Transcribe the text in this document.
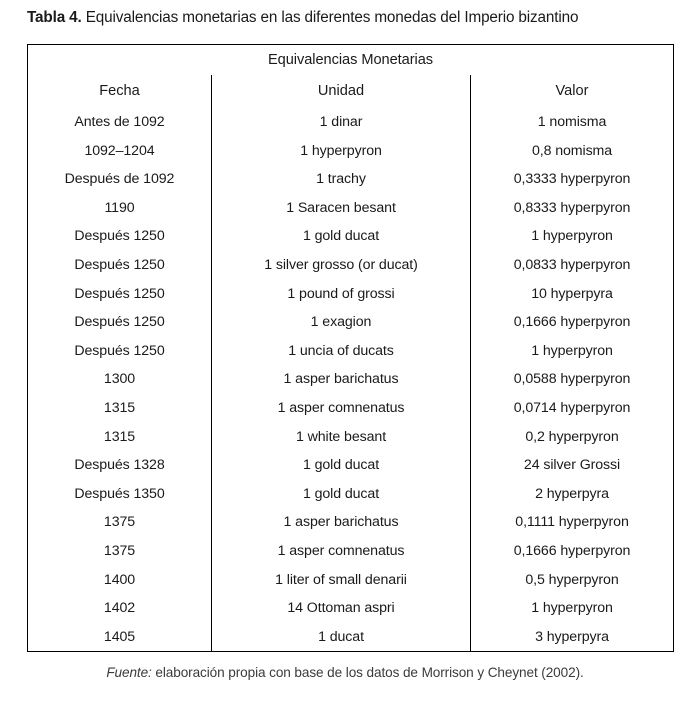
Tabla 4. Equivalencias monetarias en las diferentes monedas del Imperio bizantino
Equivalencias Monetarias		
Fecha	Unidad	Valor
Antes de 1092	1 dinar	1 nomisma
1092–1204	1 hyperpyron	0,8 nomisma
Después de 1092	1 trachy	0,3333 hyperpyron
1190	1 Saracen besant	0,8333 hyperpyron
Después 1250	1 gold ducat	1 hyperpyron
Después 1250	1 silver grosso (or ducat)	0,0833 hyperpyron
Después 1250	1 pound of grossi	10 hyperpyra
Después 1250	1 exagion	0,1666 hyperpyron
Después 1250	1 uncia of ducats	1 hyperpyron
1300	1 asper barichatus	0,0588 hyperpyron
1315	1 asper comnenatus	0,0714 hyperpyron
1315	1 white besant	0,2 hyperpyron
Después 1328	1 gold ducat	24 silver Grossi
Después 1350	1 gold ducat	2 hyperpyra
1375	1 asper barichatus	0,1111 hyperpyron
1375	1 asper comnenatus	0,1666 hyperpyron
1400	1 liter of small denarii	0,5 hyperpyron
1402	14 Ottoman aspri	1 hyperpyron
1405	1 ducat	3 hyperpyra
Fuente: elaboración propia con base de los datos de Morrison y Cheynet (2002).
